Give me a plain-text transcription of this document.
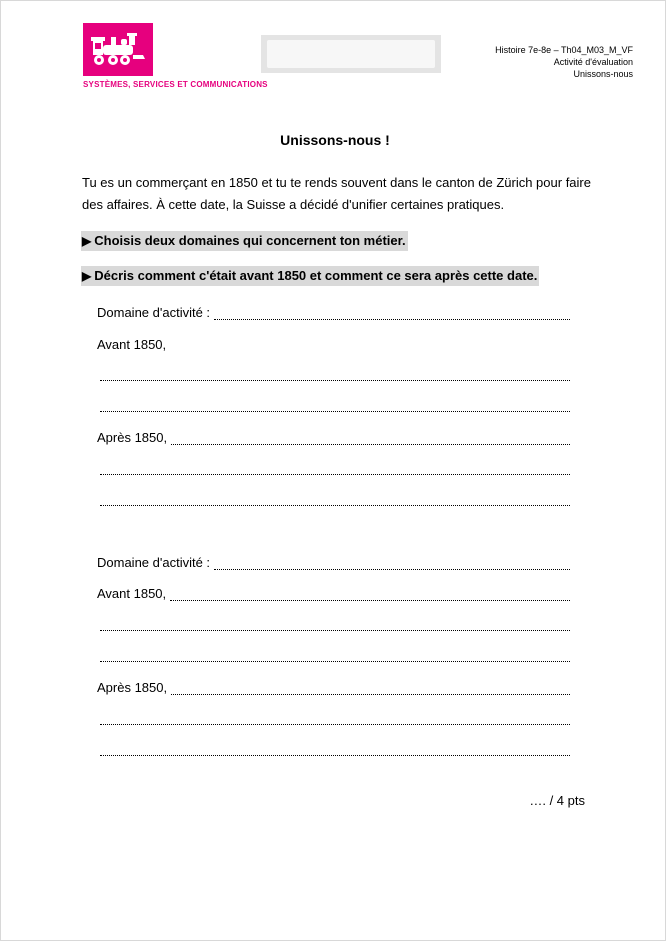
SYSTÈMES, SERVICES ET COMMUNICATIONS
Histoire 7e-8e – Th04_M03_M_VF
Activité d'évaluation
Unissons-nous
Unissons-nous !
Tu es un commerçant en 1850 et tu te rends souvent dans le canton de Zürich pour faire des affaires. À cette date, la Suisse a décidé d'unifier certaines pratiques.
▶ Choisis deux domaines qui concernent ton métier.
▶ Décris comment c'était avant 1850 et comment ce sera après cette date.
Domaine d'activité :
Avant 1850,
Après 1850,
Domaine d'activité :
Avant 1850,
Après 1850,
…. / 4 pts
